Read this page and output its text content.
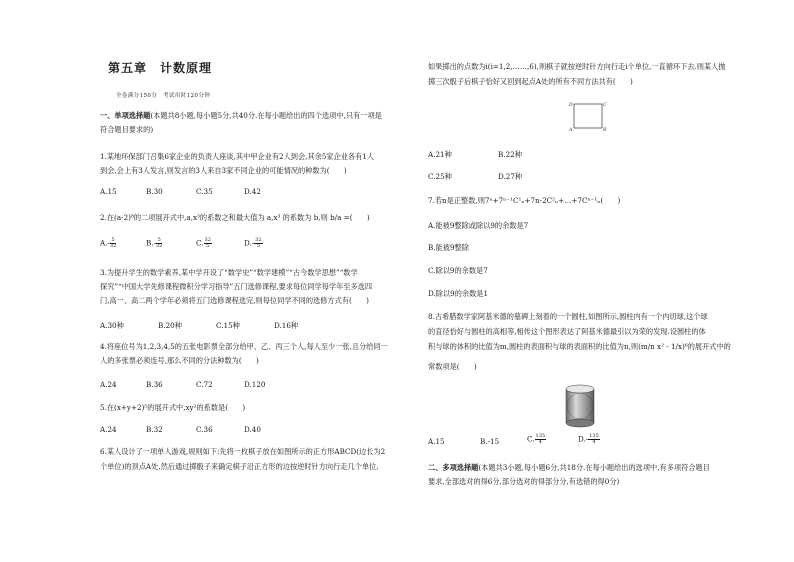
第五章　计数原理
全卷满分150分　考试用时120分钟
一、单项选择题(本题共8小题,每小题5分,共40分.在每小题给出的四个选项中,只有一项是
符合题目要求的)
1.某地环保部门召集6家企业的负责人座谈,其中甲企业有2人到会,其余5家企业各有1人
到会,会上有3人发言,则发言的3人来自3家不同企业的可能情况的种数为(　　)
A.15	B.30	C.35	D.42
2.在(a-2)⁸的二项展开式中,a,x³的系数之和最大值为 a,x³ 的系数为 b,则 b/a =(　　)
$A.- \frac{5}{32}$	$B.- \frac{5}{32}$	C. $\frac{32}{5}$	$D.- \frac{32}{5}$
3.为提升学生的数学素养,某中学开设了“数学史”“数学建模”“古今数学思想”“数学
探究”“中国大学先修课程微积分学习指导”五门选修课程,要求每位同学每学年至多选四
门,高一、高二两个学年必须将五门选修课程选完,则每位同学不同的选修方式有(　　)
A.30种	B.20种	C.15种	D.16种
4.将座位号为1,2,3,4,5的五张电影票全部分给甲、乙、丙三个人,每人至少一张,且分给同一
人的多张票必须连号,那么不同的分法种数为(　　)
A.24	B.36	C.72	D.120
5.在(x+y+2)⁵的展开式中,xy²的系数是(　　)
A.24	B.32	C.36	D.40
6.某人设计了一项单人游戏,规则如下:先将一枚棋子放在如图所示的正方形ABCD(边长为2
个单位)的顶点A处,然后通过掷骰子来确定棋子沿正方形的边按逆时针方向行走几个单位,
如果掷出的点数为i(i=1,2,……,6),则棋子就按逆时针方向行走i个单位,一直循环下去.则某人抛
掷三次骰子后棋子恰好又回到起点A处的所有不同方法共有(　　)
D	C
A	B
A.21种	B.22种
C.25种	D.27种
7.若n是正整数,则7ⁿ+7ⁿ⁻¹C¹ₙ+7n-2C²ₙ+…+7Cⁿ⁻¹ₙ(　　)
A.能被9整除或除以9的余数是7
B.能被9整除
C.除以9的余数是7
D.除以9的余数是1
8.古希腊数学家阿基米德的墓碑上刻着的一个圆柱,如图所示,圆柱内有一个内切球,这个球
的直径恰好与圆柱的高相等,相传这个图形表达了阿基米德最引以为荣的发现.设圆柱的体
积与球的体积的比值为m,圆柱的表面积与球的表面积的比值为n,则(m/n x² - 1/x)⁶的展开式中的
常数项是(　　)
A.15	B.-15	C. $\frac{135}{4}$	$D.- \frac{135}{4}$
二、多项选择题(本题共3小题,每小题6分,共18分.在每小题给出的选项中,有多项符合题目
要求,全部选对的得6分,部分选对的得部分分,有选错的得0分)
